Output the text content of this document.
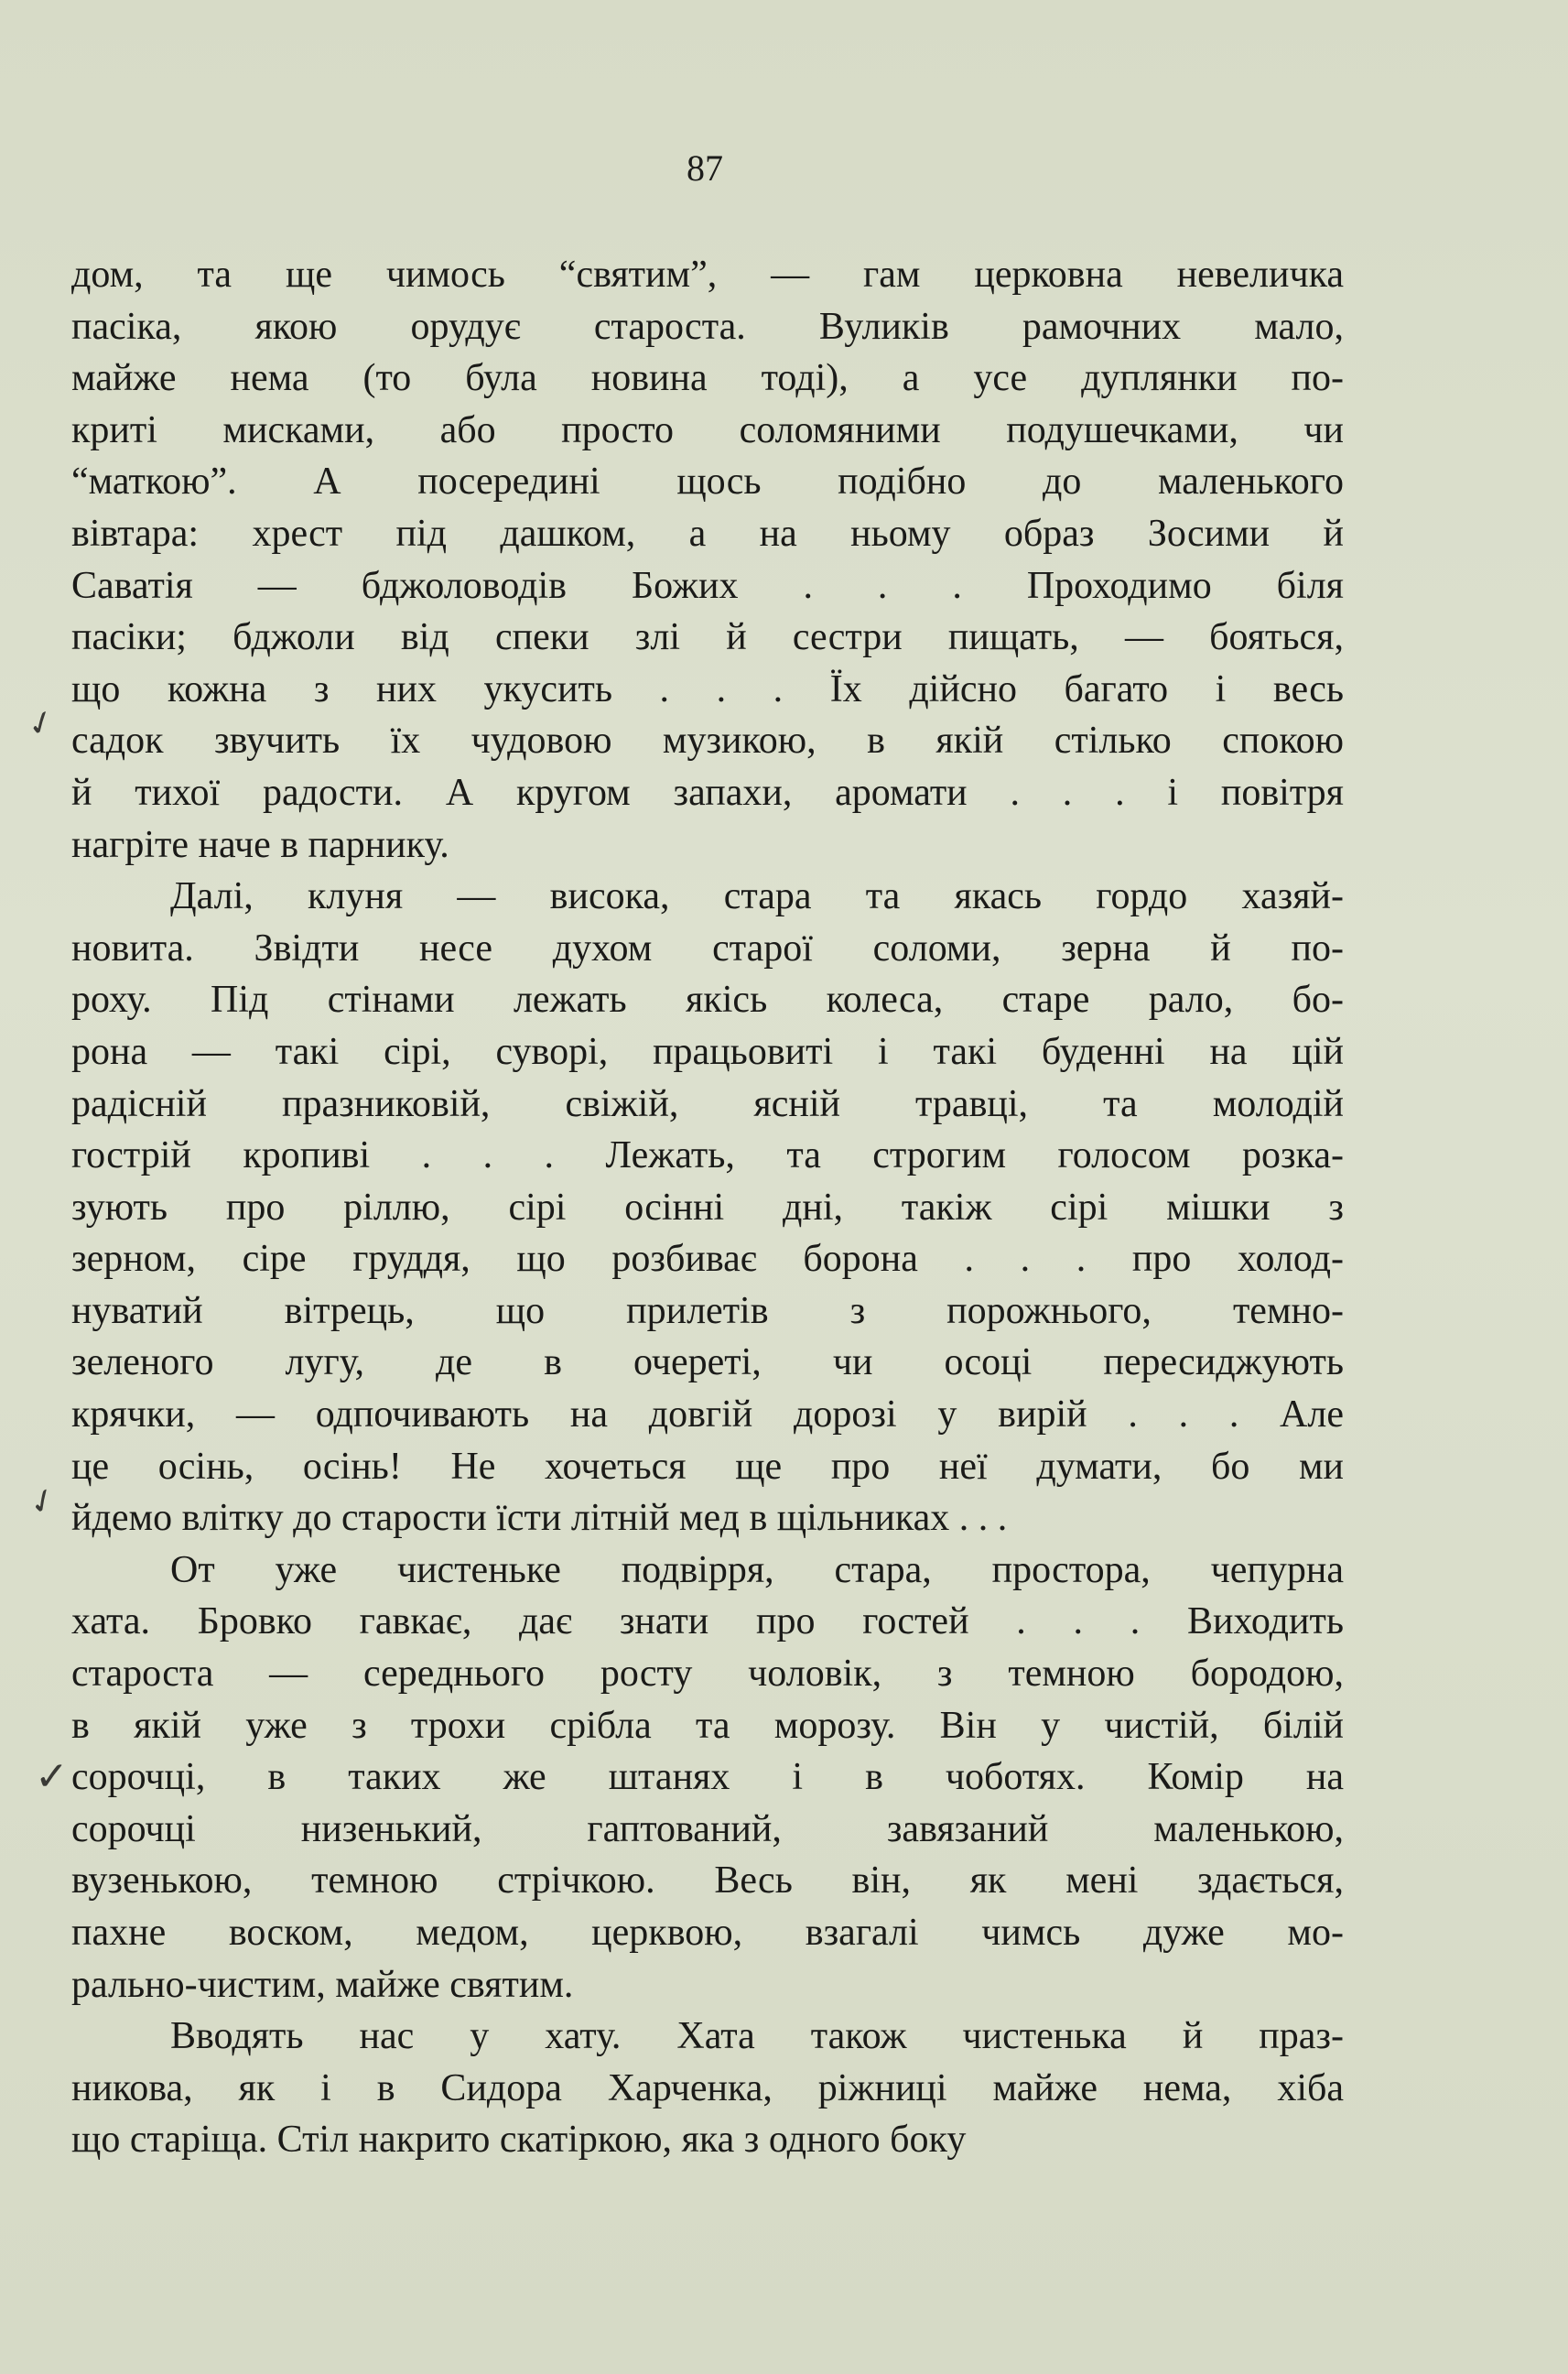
87
✓
✓
✓
дом, та ще чимось “святим”, — гам церковна невеличка
пасіка, якою орудує староста. Вуликів рамочних мало,
майже нема (то була новина тоді), а усе дуплянки по-
криті мисками, або просто соломяними подушечками, чи
“маткою”. А посередині щось подібно до маленького
вівтара: хрест під дашком, а на ньому образ Зосими й
Саватія — бджоловодів Божих . . . Проходимо біля
пасіки; бджоли від спеки злі й сестри пищать, — бояться,
що кожна з них укусить . . . Їх дійсно багато і весь
садок звучить їх чудовою музикою, в якій стілько спокою
й тихої радости. А кругом запахи, аромати . . . і повітря
нагріте наче в парнику.
Далі, клуня — висока, стара та якась гордо хазяй-
новита. Звідти несе духом старої соломи, зерна й по-
роху. Під стінами лежать якісь колеса, старе рало, бо-
рона — такі сірі, суворі, працьовиті і такі буденні на цій
радісній празниковій, свіжій, ясній травці, та молодій
гострій кропиві . . . Лежать, та строгим голосом розка-
зують про ріллю, сірі осінні дні, такіж сірі мішки з
зерном, сіре груддя, що розбиває борона . . . про холод-
нуватий вітрець, що прилетів з порожнього, темно-
зеленого лугу, де в очереті, чи осоці пересиджують
крячки, — одпочивають на довгій дорозі у вирій . . . Але
це осінь, осінь! Не хочеться ще про неї думати, бо ми
йдемо влітку до старости їсти літній мед в щільниках . . .
От уже чистеньке подвірря, стара, простора, чепурна
хата. Бровко гавкає, дає знати про гостей . . . Виходить
староста — середнього росту чоловік, з темною бородою,
в якій уже з трохи срібла та морозу. Він у чистій, білій
сорочці, в таких же штанях і в чоботях. Комір на
сорочці низенький, гаптований, завязаний маленькою,
вузенькою, темною стрічкою. Весь він, як мені здається,
пахне воском, медом, церквою, взагалі чимсь дуже мо-
рально-чистим, майже святим.
Вводять нас у хату. Хата також чистенька й праз-
никова, як і в Сидора Харченка, ріжниці майже нема, хіба
що старіща. Стіл накрито скатіркою, яка з одного боку
